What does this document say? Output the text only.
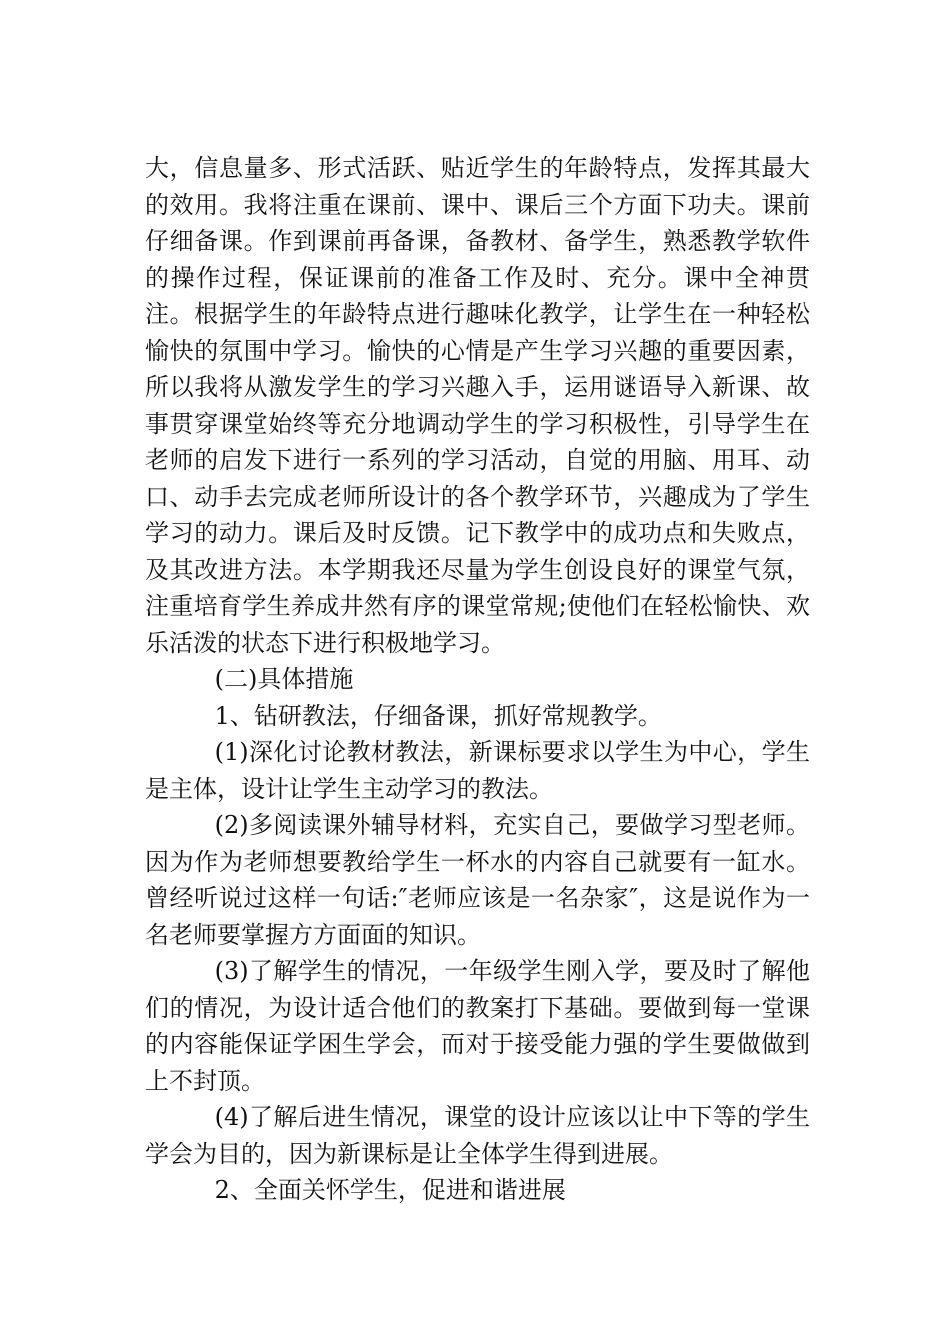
大，信息量多、形式活跃、贴近学生的年龄特点，发挥其最大的效用。我将注重在课前、课中、课后三个方面下功夫。课前仔细备课。作到课前再备课，备教材、备学生，熟悉教学软件的操作过程，保证课前的准备工作及时、充分。课中全神贯注。根据学生的年龄特点进行趣味化教学，让学生在一种轻松愉快的氛围中学习。愉快的心情是产生学习兴趣的重要因素，所以我将从激发学生的学习兴趣入手，运用谜语导入新课、故事贯穿课堂始终等充分地调动学生的学习积极性，引导学生在老师的启发下进行一系列的学习活动，自觉的用脑、用耳、动口、动手去完成老师所设计的各个教学环节，兴趣成为了学生学习的动力。课后及时反馈。记下教学中的成功点和失败点，及其改进方法。本学期我还尽量为学生创设良好的课堂气氛，注重培育学生养成井然有序的课堂常规;使他们在轻松愉快、欢乐活泼的状态下进行积极地学习。

(二)具体措施

1、钻研教法，仔细备课，抓好常规教学。

(1)深化讨论教材教法，新课标要求以学生为中心，学生是主体，设计让学生主动学习的教法。

(2)多阅读课外辅导材料，充实自己，要做学习型老师。因为作为老师想要教给学生一杯水的内容自己就要有一缸水。曾经听说过这样一句话:″老师应该是一名杂家″，这是说作为一名老师要掌握方方面面的知识。

(3)了解学生的情况，一年级学生刚入学，要及时了解他们的情况，为设计适合他们的教案打下基础。要做到每一堂课的内容能保证学困生学会，而对于接受能力强的学生要做做到上不封顶。

(4)了解后进生情况，课堂的设计应该以让中下等的学生学会为目的，因为新课标是让全体学生得到进展。

2、全面关怀学生，促进和谐进展
